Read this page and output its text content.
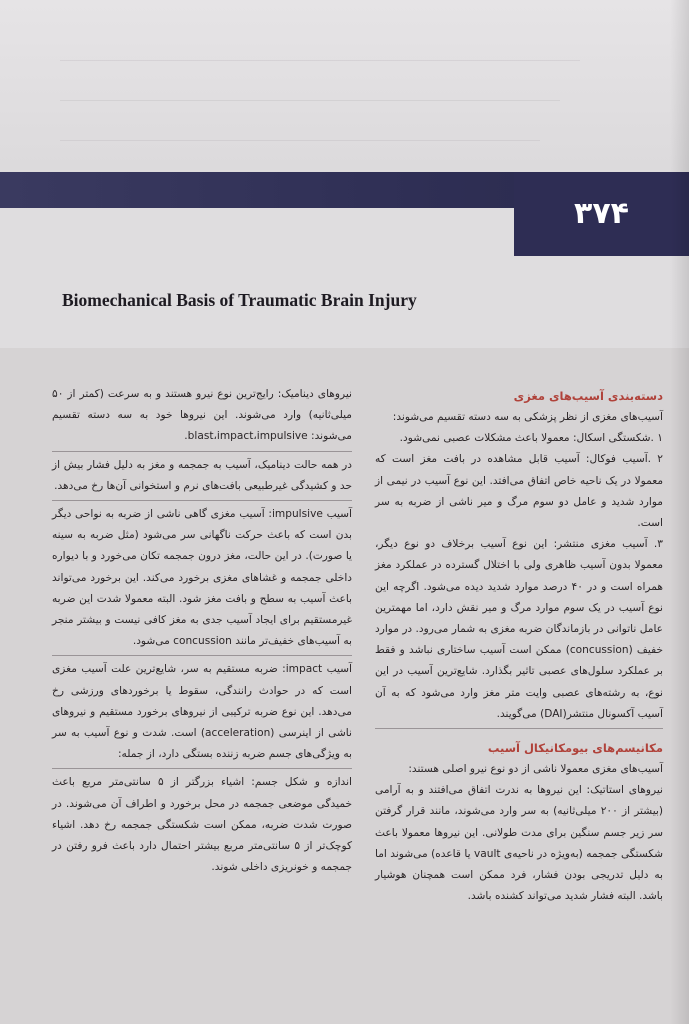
۳۷۴
Biomechanical Basis of Traumatic Brain Injury

دسته‌بندی آسیب‌های مغزی

آسیب‌های مغزی از نظر پزشکی به سه دسته تقسیم می‌شوند:

۱ .شکستگی اسکال: معمولا باعث مشکلات عصبی نمی‌شود.

۲ .آسیب فوکال: آسیب قابل مشاهده در بافت مغز است که معمولا در یک ناحیه خاص اتفاق می‌افتد. این نوع آسیب در نیمی از موارد شدید و عامل دو سوم مرگ و میر ناشی از ضربه به سر است.

۳. آسیب مغزی منتشر: این نوع آسیب برخلاف دو نوع دیگر، معمولا بدون آسیب ظاهری ولی با اختلال گسترده در عملکرد مغز همراه است و در ۴۰ درصد موارد شدید دیده می‌شود. اگرچه این نوع آسیب در یک سوم موارد مرگ و میر نقش دارد، اما مهمترین عامل ناتوانی در بازماندگان ضربه مغزی به شمار می‌رود. در موارد خفیف (concussion) ممکن است آسیب ساختاری نباشد و فقط بر عملکرد سلول‌های عصبی تاثیر بگذارد. شایع‌ترین آسیب در این نوع، به رشته‌های عصبی وایت متر مغز وارد می‌شود که به آن آسیب آکسونال منتشر(DAI) می‌گویند.

مکانیسم‌های بیومکانیکال آسیب

آسیب‌های مغزی معمولا ناشی از دو نوع نیرو اصلی هستند:

نیروهای استاتیک: این نیروها به ندرت اتفاق می‌افتند و به آرامی (بیشتر از ۲۰۰ میلی‌ثانیه) به سر وارد می‌شوند، مانند قرار گرفتن سر زیر جسم سنگین برای مدت طولانی. این نیروها معمولا باعث شکستگی جمجمه (به‌ویژه در ناحیه‌ی vault یا قاعده) می‌شوند اما به دلیل تدریجی بودن فشار، فرد ممکن است همچنان هوشیار باشد. البته فشار شدید می‌تواند کشنده باشد.

نیروهای دینامیک: رایج‌ترین نوع نیرو هستند و به سرعت (کمتر از ۵۰ میلی‌ثانیه) وارد می‌شوند. این نیروها خود به سه دسته تقسیم می‌شوند: blast،impact،impulsive.

در همه حالت دینامیک، آسیب به جمجمه و مغز به دلیل فشار بیش از حد و کشیدگی غیرطبیعی بافت‌های نرم و استخوانی آن‌ها رخ می‌دهد.

آسیب impulsive: آسیب مغزی گاهی ناشی از ضربه به نواحی دیگر بدن است که باعث حرکت ناگهانی سر می‌شود (مثل ضربه به سینه یا صورت). در این حالت، مغز درون جمجمه تکان می‌خورد و با دیواره داخلی جمجمه و غشاهای مغزی برخورد می‌کند. این برخورد می‌تواند باعث آسیب به سطح و بافت مغز شود. البته معمولا شدت این ضربه غیرمستقیم برای ایجاد آسیب جدی به مغز کافی نیست و بیشتر منجر به آسیب‌های خفیف‌تر مانند concussion می‌شود.

آسیب impact: ضربه مستقیم به سر، شایع‌ترین علت آسیب مغزی است که در حوادث رانندگی، سقوط یا برخوردهای ورزشی رخ می‌دهد. این نوع ضربه ترکیبی از نیروهای برخورد مستقیم و نیروهای ناشی از اینرسی (acceleration) است. شدت و نوع آسیب به سر به ویژگی‌های جسم ضربه زننده بستگی دارد، از جمله:

اندازه و شکل جسم: اشیاء بزرگتر از ۵ سانتی‌متر مربع باعث خمیدگی موضعی جمجمه در محل برخورد و اطراف آن می‌شوند. در صورت شدت ضربه، ممکن است شکستگی جمجمه رخ دهد. اشیاء کوچک‌تر از ۵ سانتی‌متر مربع بیشتر احتمال دارد باعث فرو رفتن در جمجمه و خونریزی داخلی شوند.
